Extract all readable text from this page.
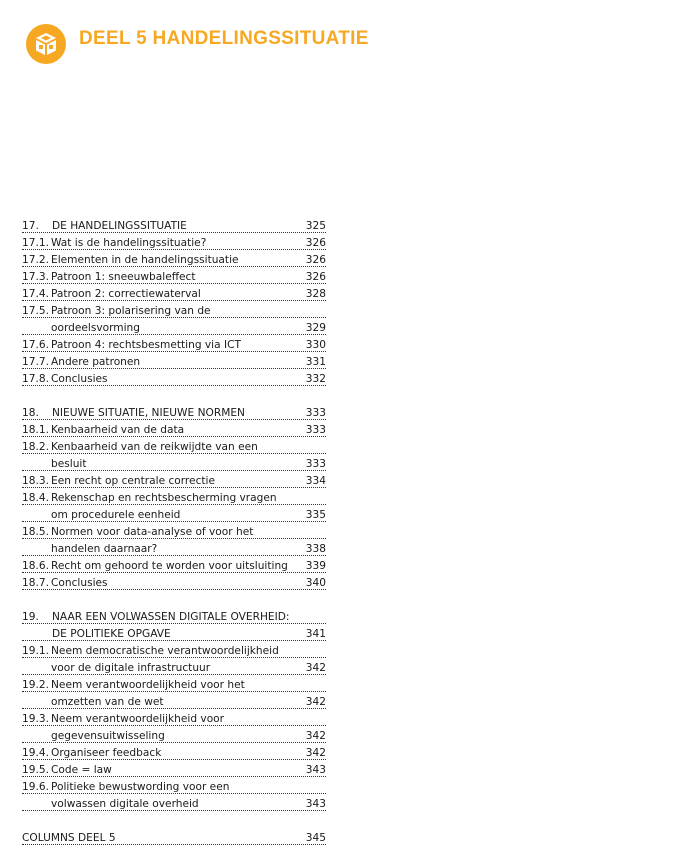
DEEL 5 HANDELINGSSITUATIE
17. DE HANDELINGSSITUATIE	325
17.1. Wat is de handelingssituatie?	326
17.2. Elementen in de handelingssituatie	326
17.3. Patroon 1: sneeuwbaleffect	326
17.4. Patroon 2: correctiewaterval	328
17.5. Patroon 3: polarisering van de
oordeelsvorming	329
17.6. Patroon 4: rechtsbesmetting via ICT	330
17.7. Andere patronen	331
17.8. Conclusies	332
18. NIEUWE SITUATIE, NIEUWE NORMEN	333
18.1. Kenbaarheid van de data	333
18.2. Kenbaarheid van de reikwijdte van een
besluit	333
18.3. Een recht op centrale correctie	334
18.4. Rekenschap en rechtsbescherming vragen
om procedurele eenheid	335
18.5. Normen voor data-analyse of voor het
handelen daarnaar?	338
18.6. Recht om gehoord te worden voor uitsluiting 339
18.7. Conclusies	340
19. NAAR EEN VOLWASSEN DIGITALE OVERHEID:
DE POLITIEKE OPGAVE	341
19.1. Neem democratische verantwoordelijkheid
voor de digitale infrastructuur	342
19.2. Neem verantwoordelijkheid voor het
omzetten van de wet	342
19.3. Neem verantwoordelijkheid voor
gegevensuitwisseling	342
19.4. Organiseer feedback	342
19.5. Code = law	343
19.6. Politieke bewustwording voor een
volwassen digitale overheid	343
COLUMNS DEEL 5	345
